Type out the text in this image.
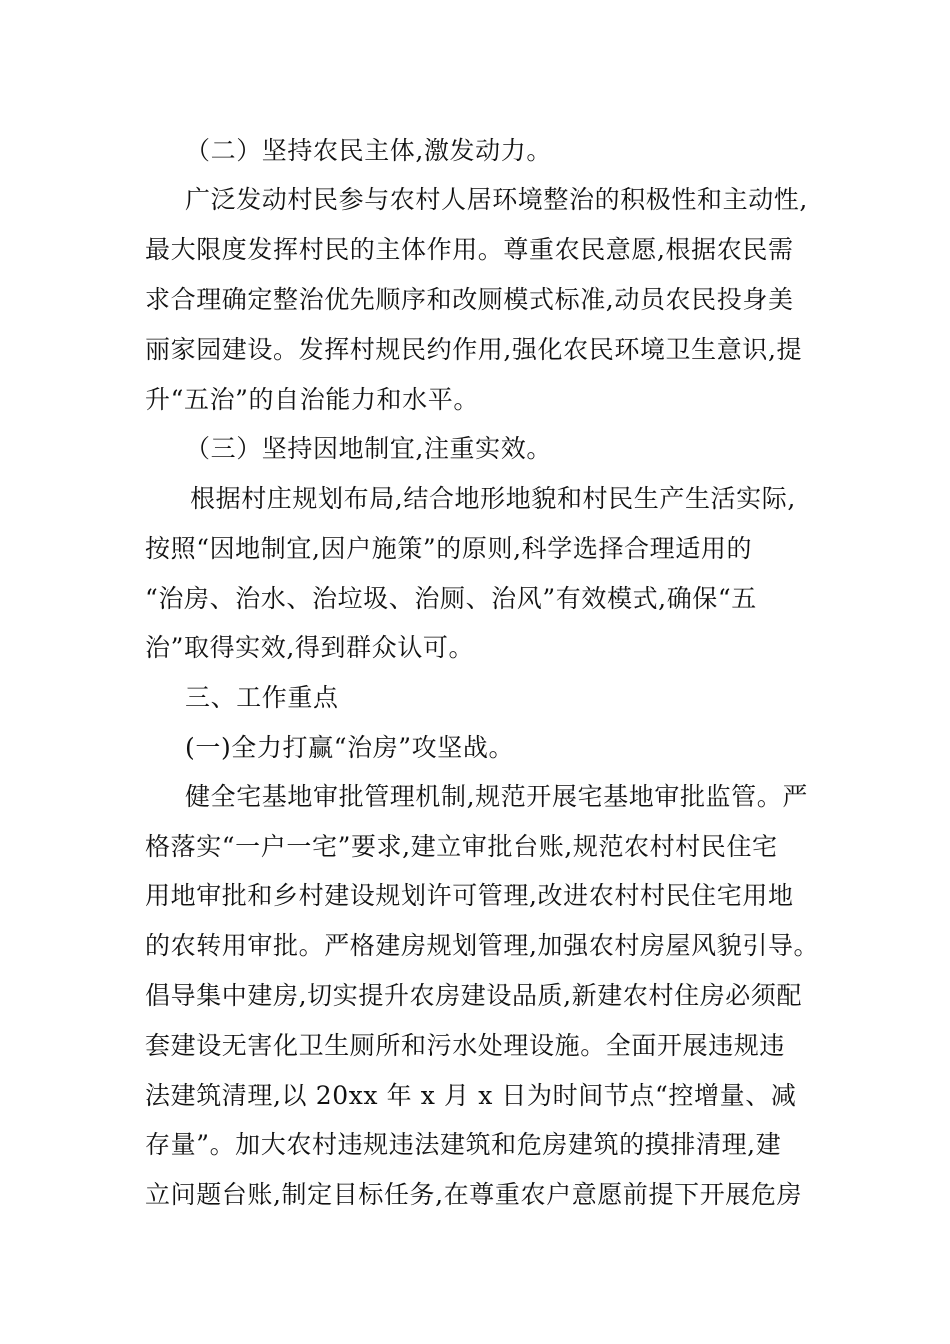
（二）坚持农民主体,激发动力。
广泛发动村民参与农村人居环境整治的积极性和主动性,
最大限度发挥村民的主体作用。尊重农民意愿,根据农民需
求合理确定整治优先顺序和改厕模式标准,动员农民投身美
丽家园建设。发挥村规民约作用,强化农民环境卫生意识,提
升“五治”的自治能力和水平。
（三）坚持因地制宜,注重实效。
根据村庄规划布局,结合地形地貌和村民生产生活实际,
按照“因地制宜,因户施策”的原则,科学选择合理适用的
“治房、治水、治垃圾、治厕、治风”有效模式,确保“五
治”取得实效,得到群众认可。
三、工作重点
(一)全力打赢“治房”攻坚战。
健全宅基地审批管理机制,规范开展宅基地审批监管。严
格落实“一户一宅”要求,建立审批台账,规范农村村民住宅
用地审批和乡村建设规划许可管理,改进农村村民住宅用地
的农转用审批。严格建房规划管理,加强农村房屋风貌引导。
倡导集中建房,切实提升农房建设品质,新建农村住房必须配
套建设无害化卫生厕所和污水处理设施。全面开展违规违
法建筑清理,以 20xx 年 x 月 x 日为时间节点“控增量、减
存量”。加大农村违规违法建筑和危房建筑的摸排清理,建
立问题台账,制定目标任务,在尊重农户意愿前提下开展危房
